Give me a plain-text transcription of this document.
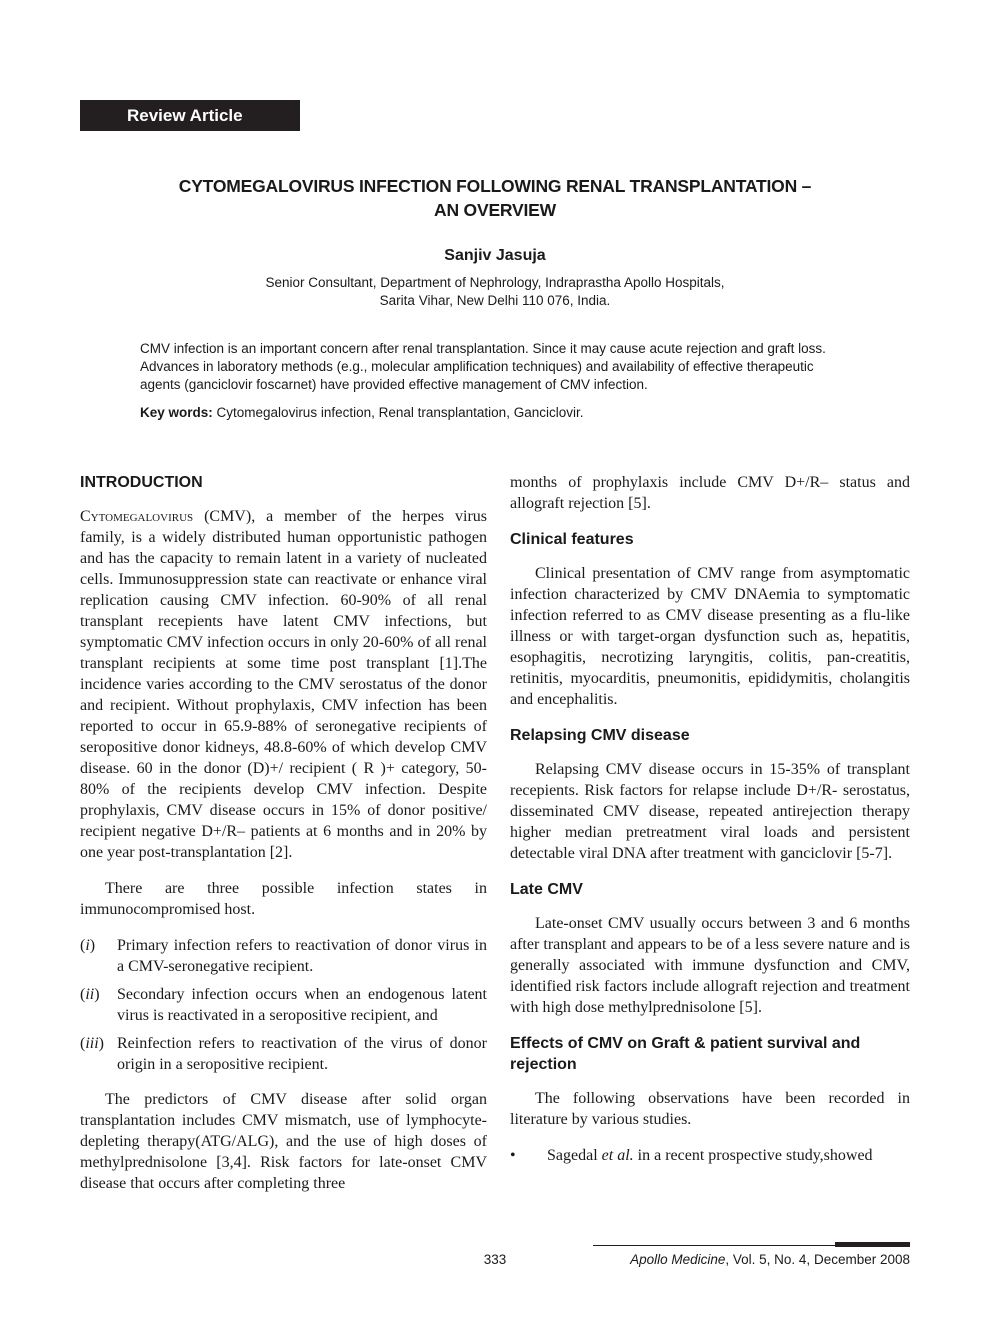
Review Article
CYTOMEGALOVIRUS INFECTION FOLLOWING RENAL TRANSPLANTATION –
AN OVERVIEW
Sanjiv Jasuja
Senior Consultant, Department of Nephrology, Indraprastha Apollo Hospitals,
Sarita Vihar, New Delhi 110 076, India.

CMV infection is an important concern after renal transplantation. Since it may cause acute rejection and graft loss. Advances in laboratory methods (e.g., molecular amplification techniques) and availability of effective therapeutic agents (ganciclovir foscarnet) have provided effective management of CMV infection.

Key words: Cytomegalovirus infection, Renal transplantation, Ganciclovir.

INTRODUCTION

Cytomegalovirus (CMV), a member of the herpes virus family, is a widely distributed human opportunistic pathogen and has the capacity to remain latent in a variety of nucleated cells. Immunosuppression state can reactivate or enhance viral replication causing CMV infection. 60-90% of all renal transplant recepients have latent CMV infections, but symptomatic CMV infection occurs in only 20-60% of all renal transplant recipients at some time post transplant [1].The incidence varies according to the CMV serostatus of the donor and recipient. Without prophylaxis, CMV infection has been reported to occur in 65.9-88% of seronegative recipients of seropositive donor kidneys, 48.8-60% of which develop CMV disease. 60 in the donor (D)+/ recipient ( R )+ category, 50-80% of the recipients develop CMV infection. Despite prophylaxis, CMV disease occurs in 15% of donor positive/ recipient negative D+/R– patients at 6 months and in 20% by one year post-transplantation [2].

There are three possible infection states in immunocompromised host.

(i) Primary infection refers to reactivation of donor virus in a CMV-seronegative recipient.
(ii) Secondary infection occurs when an endogenous latent virus is reactivated in a seropositive recipient, and
(iii) Reinfection refers to reactivation of the virus of donor origin in a seropositive recipient.

The predictors of CMV disease after solid organ transplantation includes CMV mismatch, use of lymphocyte-depleting therapy(ATG/ALG), and the use of high doses of methylprednisolone [3,4]. Risk factors for late-onset CMV disease that occurs after completing three

months of prophylaxis include CMV D+/R– status and allograft rejection [5].

Clinical features

Clinical presentation of CMV range from asymptomatic infection characterized by CMV DNAemia to symptomatic infection referred to as CMV disease presenting as a flu-like illness or with target-organ dysfunction such as, hepatitis, esophagitis, necrotizing laryngitis, colitis, pan-creatitis, retinitis, myocarditis, pneumonitis, epididymitis, cholangitis and encephalitis.

Relapsing CMV disease

Relapsing CMV disease occurs in 15-35% of transplant recepients. Risk factors for relapse include D+/R- serostatus, disseminated CMV disease, repeated antirejection therapy higher median pretreatment viral loads and persistent detectable viral DNA after treatment with ganciclovir [5-7].

Late CMV

Late-onset CMV usually occurs between 3 and 6 months after transplant and appears to be of a less severe nature and is generally associated with immune dysfunction and CMV, identified risk factors include allograft rejection and treatment with high dose methylprednisolone [5].

Effects of CMV on Graft & patient survival and rejection

The following observations have been recorded in literature by various studies.

• Sagedal et al. in a recent prospective study,showed
333	Apollo Medicine, Vol. 5, No. 4, December 2008
